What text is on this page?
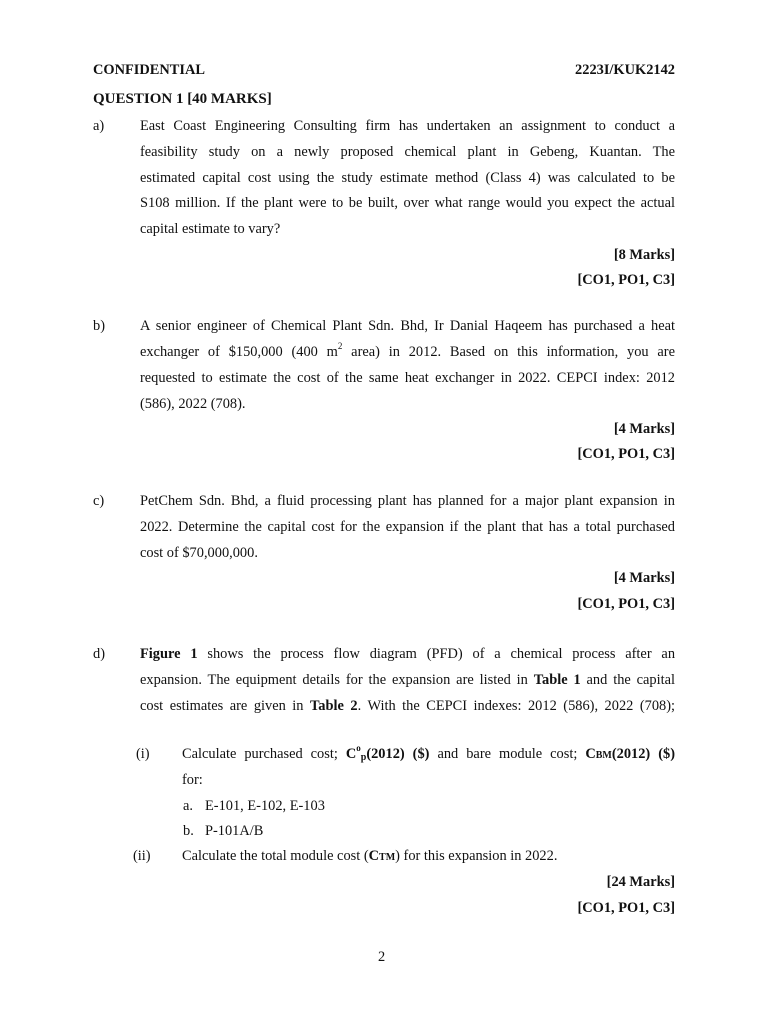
CONFIDENTIAL	2223I/KUK2142
QUESTION 1 [40 MARKS]
a) East Coast Engineering Consulting firm has undertaken an assignment to conduct a
feasibility study on a newly proposed chemical plant in Gebeng, Kuantan. The
estimated capital cost using the study estimate method (Class 4) was calculated to be
S108 million. If the plant were to be built, over what range would you expect the actual
capital estimate to vary?
[8 Marks]
[CO1, PO1, C3]
b) A senior engineer of Chemical Plant Sdn. Bhd, Ir Danial Haqeem has purchased a heat
exchanger of $150,000 (400 $m^2$ area) in 2012. Based on this information, you are
requested to estimate the cost of the same heat exchanger in 2022. CEPCI index: 2012
(586), 2022 (708).
[4 Marks]
[CO1, PO1, C3]
c) PetChem Sdn. Bhd, a fluid processing plant has planned for a major plant expansion in
2022. Determine the capital cost for the expansion if the plant that has a total purchased
cost of $70,000,000.
[4 Marks]
[CO1, PO1, C3]
d) Figure 1 shows the process flow diagram (PFD) of a chemical process after an
expansion. The equipment details for the expansion are listed in Table 1 and the capital
cost estimates are given in Table 2. With the CEPCI indexes: 2012 (586), 2022 (708);
(i) Calculate purchased cost; $C^o_p(2012)$ ($) and bare module cost; CBM(2012) ($)
for:
a. E-101, E-102, E-103
b. P-101A/B
(ii) Calculate the total module cost (CTM) for this expansion in 2022.
[24 Marks]
[CO1, PO1, C3]
2
